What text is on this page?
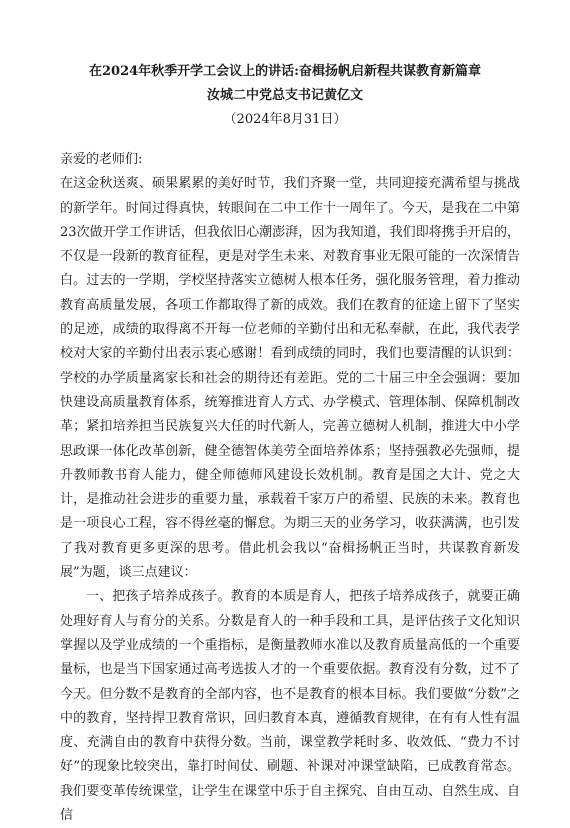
在2024年秋季开学工会议上的讲话:奋楫扬帆启新程共谋教育新篇章
汝城二中党总支书记黄亿文
（2024年8月31日）

亲爱的老师们:

在这金秋送爽、硕果累累的美好时节，我们齐聚一堂，共同迎接充满希望与挑战的新学年。时间过得真快，转眼间在二中工作十一周年了。今天，是我在二中第23次做开学工作讲话，但我依旧心潮澎湃，因为我知道，我们即将携手开启的，不仅是一段新的教育征程，更是对学生未来、对教育事业无限可能的一次深情告白。过去的一学期，学校坚持落实立德树人根本任务，强化服务管理，着力推动教育高质量发展，各项工作都取得了新的成效。我们在教育的征途上留下了坚实的足迹，成绩的取得离不开每一位老师的辛勤付出和无私奉献，在此，我代表学校对大家的辛勤付出表示衷心感谢！看到成绩的同时，我们也要清醒的认识到：学校的办学质量离家长和社会的期待还有差距。党的二十届三中全会强调：要加快建设高质量教育体系，统筹推进育人方式、办学模式、管理体制、保障机制改革；紧扣培养担当民族复兴大任的时代新人，完善立德树人机制，推进大中小学思政课一体化改革创新，健全德智体美劳全面培养体系；坚持强教必先强师，提升教师教书育人能力，健全师德师风建设长效机制。教育是国之大计、党之大计，是推动社会进步的重要力量，承载着千家万户的希望、民族的未来。教育也是一项良心工程，容不得丝毫的懈怠。为期三天的业务学习，收获满满，也引发了我对教育更多更深的思考。借此机会我以“奋楫扬帆正当时，共谋教育新发展”为题，谈三点建议：

一、把孩子培养成孩子。教育的本质是育人，把孩子培养成孩子，就要正确处理好育人与育分的关系。分数是育人的一种手段和工具，是评估孩子文化知识掌握以及学业成绩的一个重指标，是衡量教师水准以及教育质量高低的一个重要量标，也是当下国家通过高考选拔人才的一个重要依据。教育没有分数，过不了今天。但分数不是教育的全部内容，也不是教育的根本目标。我们要做“分数”之中的教育，坚持捍卫教育常识，回归教育本真，遵循教育规律，在有有人性有温度、充满自由的教育中获得分数。当前，课堂教学耗时多、收效低、“费力不讨好”的现象比较突出，靠打时间仗、刷题、补课对冲课堂缺陷，已成教育常态。我们要变革传统课堂，让学生在课堂中乐于自主探究、自由互动、自然生成、自信
